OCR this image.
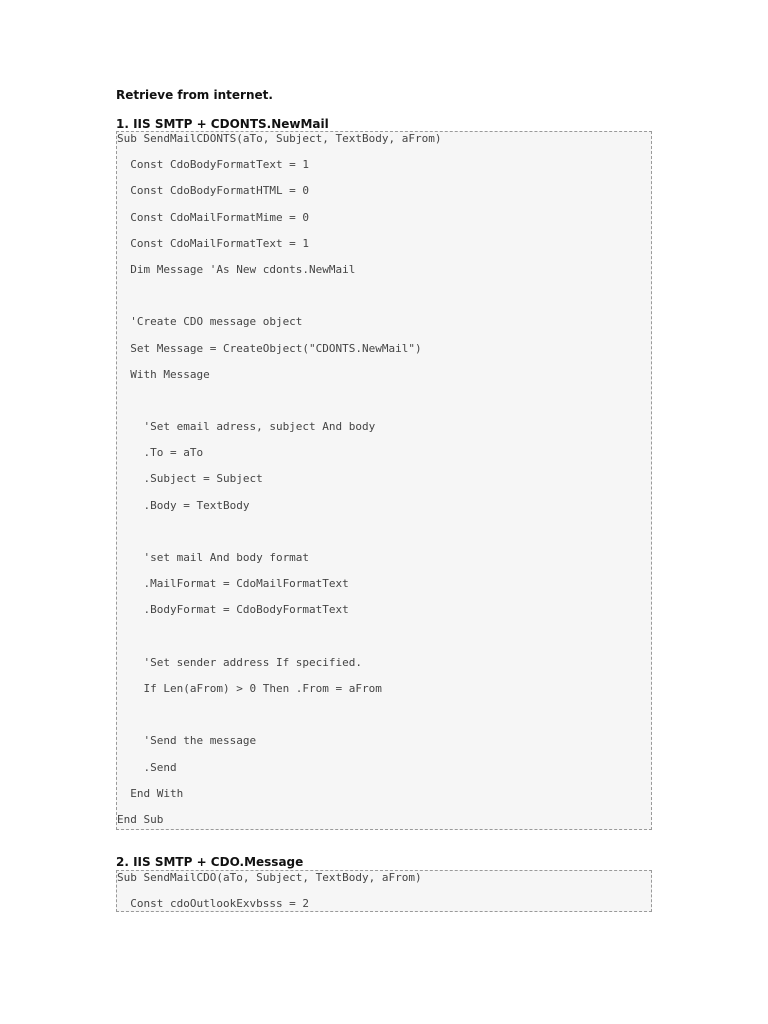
Retrieve from internet.

1. IIS SMTP + CDONTS.NewMail

Sub SendMailCDONTS(aTo, Subject, TextBody, aFrom)
Const CdoBodyFormatText = 1
Const CdoBodyFormatHTML = 0
Const CdoMailFormatMime = 0
Const CdoMailFormatText = 1
Dim Message 'As New cdonts.NewMail
'Create CDO message object
Set Message = CreateObject("CDONTS.NewMail")
With Message
'Set email adress, subject And body
.To = aTo
.Subject = Subject
.Body = TextBody
'set mail And body format
.MailFormat = CdoMailFormatText
.BodyFormat = CdoBodyFormatText
'Set sender address If specified.
If Len(aFrom) > 0 Then .From = aFrom
'Send the message
.Send
End With
End Sub

2. IIS SMTP + CDO.Message

Sub SendMailCDO(aTo, Subject, TextBody, aFrom)
Const cdoOutlookExvbsss = 2
